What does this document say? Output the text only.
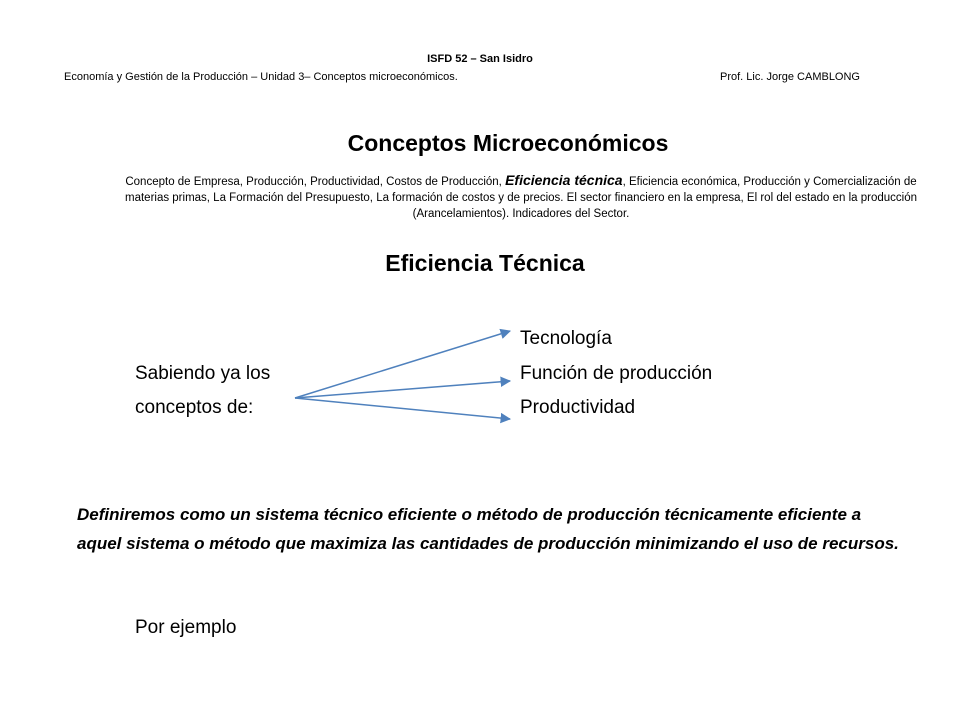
ISFD 52 – San Isidro
Economía y Gestión de la Producción – Unidad 3– Conceptos microeconómicos.	Prof. Lic. Jorge CAMBLONG
Conceptos Microeconómicos
Concepto de Empresa, Producción, Productividad, Costos de Producción, Eficiencia técnica, Eficiencia económica, Producción y Comercialización de materias primas, La Formación del Presupuesto, La formación de costos y de precios. El sector financiero en la empresa, El rol del estado en la producción (Arancelamientos). Indicadores del Sector.
Eficiencia Técnica
Sabiendo ya los
conceptos de:
Tecnología
Función de producción
Productividad
Definiremos como un sistema técnico eficiente o método de producción técnicamente eficiente a aquel sistema o método que maximiza las cantidades de producción minimizando el uso de recursos.
Por ejemplo
